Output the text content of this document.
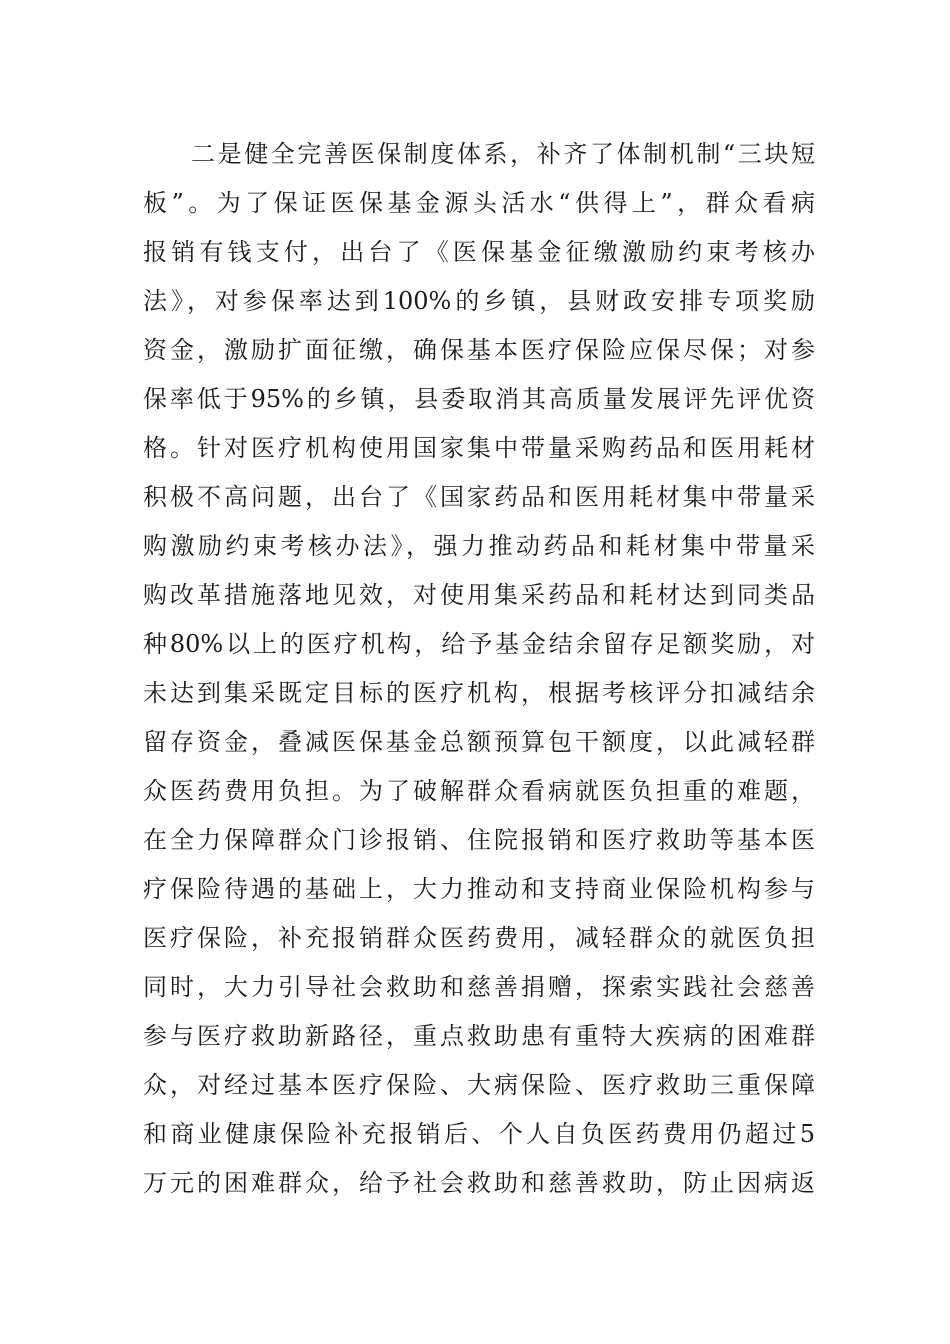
二是健全完善医保制度体系，补齐了体制机制“三块短
板”。为了保证医保基金源头活水“供得上”，群众看病
报销有钱支付，出台了《医保基金征缴激励约束考核办
法》，对参保率达到100%的乡镇，县财政安排专项奖励
资金，激励扩面征缴，确保基本医疗保险应保尽保；对参
保率低于95%的乡镇，县委取消其高质量发展评先评优资
格。针对医疗机构使用国家集中带量采购药品和医用耗材
积极不高问题，出台了《国家药品和医用耗材集中带量采
购激励约束考核办法》，强力推动药品和耗材集中带量采
购改革措施落地见效，对使用集采药品和耗材达到同类品
种80%以上的医疗机构，给予基金结余留存足额奖励，对
未达到集采既定目标的医疗机构，根据考核评分扣减结余
留存资金，叠减医保基金总额预算包干额度，以此减轻群
众医药费用负担。为了破解群众看病就医负担重的难题，
在全力保障群众门诊报销、住院报销和医疗救助等基本医
疗保险待遇的基础上，大力推动和支持商业保险机构参与
医疗保险，补充报销群众医药费用，减轻群众的就医负担
同时，大力引导社会救助和慈善捐赠，探索实践社会慈善
参与医疗救助新路径，重点救助患有重特大疾病的困难群
众，对经过基本医疗保险、大病保险、医疗救助三重保障
和商业健康保险补充报销后、个人自负医药费用仍超过5
万元的困难群众，给予社会救助和慈善救助，防止因病返
